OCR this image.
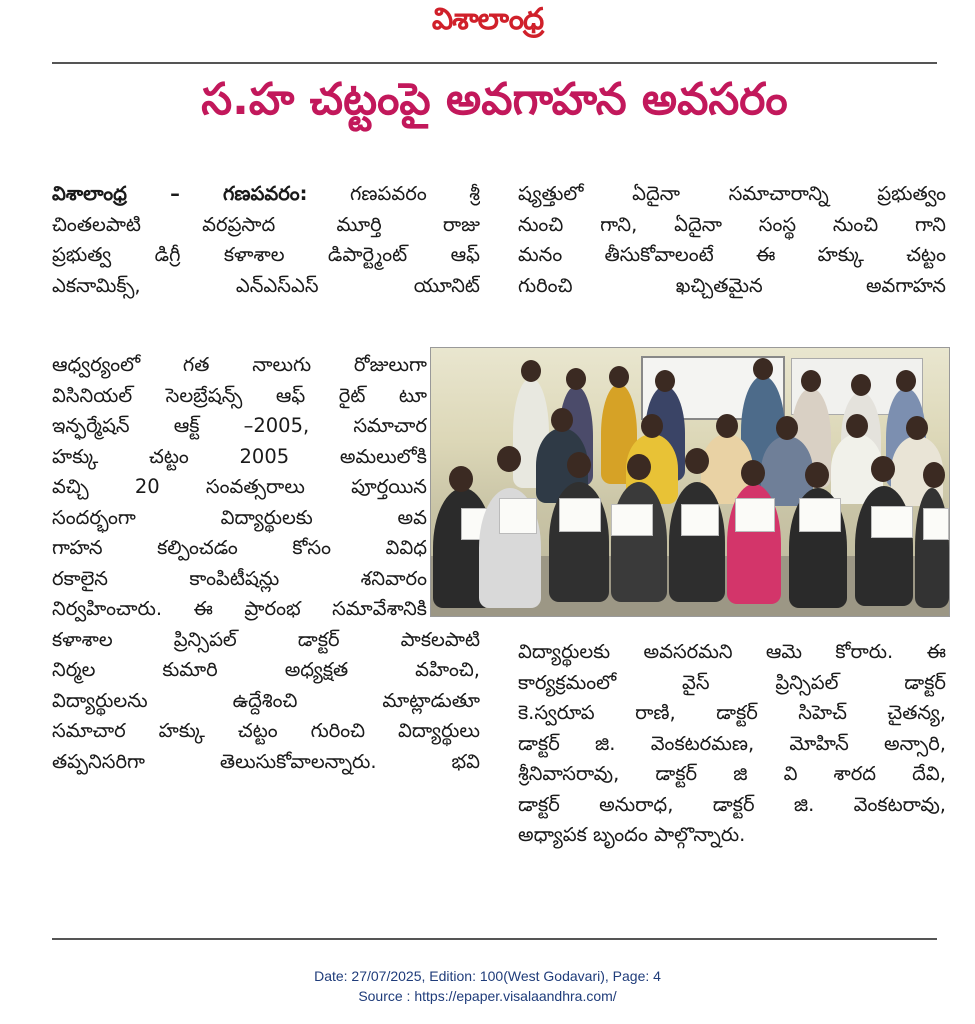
విశాలాంధ్ర
స.హ చట్టంపై అవగాహన అవసరం
విశాలాంధ్ర – గణపవరం: గణపవరం శ్రీ
చింతలపాటి వరప్రసాద మూర్తి రాజు
ప్రభుత్వ డిగ్రీ కళాశాల డిపార్ట్మెంట్ ఆఫ్
ఎకనామిక్స్, ఎన్ఎస్ఎస్ యూనిట్
ఆధ్వర్యంలో గత నాలుగు రోజులుగా
విసినియల్ సెలబ్రేషన్స్ ఆఫ్ రైట్ టూ
ఇన్ఫర్మేషన్ ఆక్ట్ –2005, సమాచార
హక్కు చట్టం 2005 అమలులోకి
వచ్చి 20 సంవత్సరాలు పూర్తయిన
సందర్భంగా విద్యార్థులకు అవ
గాహన కల్పించడం కోసం వివిధ
రకాలైన కాంపిటీషన్లు శనివారం
నిర్వహించారు. ఈ ప్రారంభ సమావేశానికి
కళాశాల ప్రిన్సిపల్ డాక్టర్ పాకలపాటి
నిర్మల కుమారి అధ్యక్షత వహించి,
విద్యార్థులను ఉద్దేశించి మాట్లాడుతూ
సమాచార హక్కు చట్టం గురించి విద్యార్థులు
తప్పనిసరిగా తెలుసుకోవాలన్నారు. భవి
ష్యత్తులో ఏదైనా సమాచారాన్ని ప్రభుత్వం
నుంచి గాని, ఏదైనా సంస్థ నుంచి గాని
మనం తీసుకోవాలంటే ఈ హక్కు చట్టం
గురించి ఖచ్చితమైన అవగాహన
విద్యార్థులకు అవసరమని ఆమె కోరారు. ఈ
కార్యక్రమంలో వైస్ ప్రిన్సిపల్ డాక్టర్
కె.స్వరూప రాణి, డాక్టర్ సిహెచ్ చైతన్య,
డాక్టర్ జి. వెంకటరమణ, మోహిన్ అన్సారి,
శ్రీనివాసరావు, డాక్టర్ జి వి శారద దేవి,
డాక్టర్ అనురాధ, డాక్టర్ జి. వెంకటరావు,
అధ్యాపక బృందం పాల్గొన్నారు.
Date: 27/07/2025, Edition: 100(West Godavari), Page: 4
Source : https://epaper.visalaandhra.com/
